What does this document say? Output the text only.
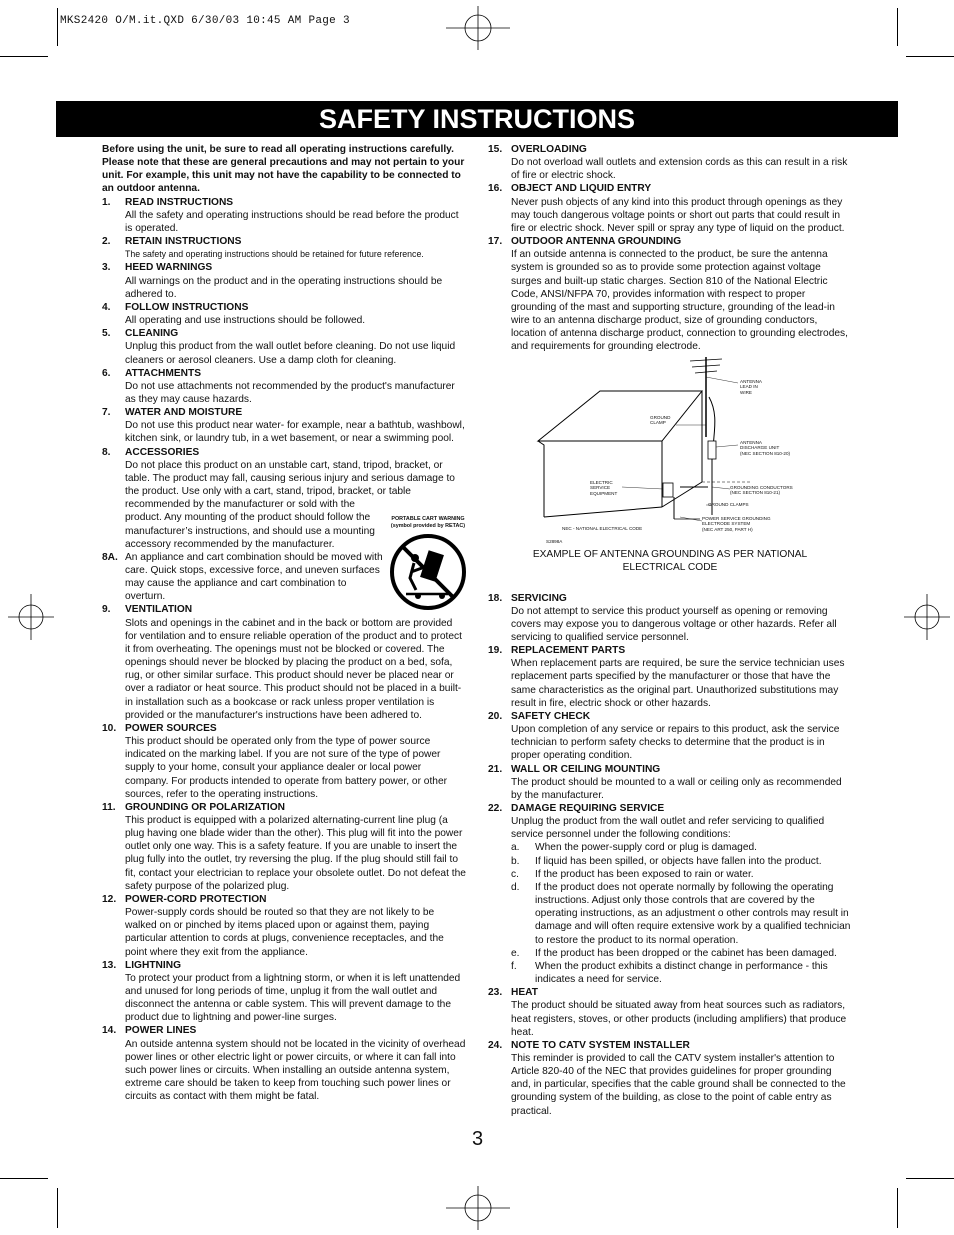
MKS2420 O/M.it.QXD 6/30/03 10:45 AM Page 3
SAFETY INSTRUCTIONS
Before using the unit, be sure to read all operating instructions carefully. Please note that these are general precautions and may not pertain to your unit. For example, this unit may not have the capability to be connected to an outdoor antenna.
1. READ INSTRUCTIONS
All the safety and operating instructions should be read before the product is operated.
2. RETAIN INSTRUCTIONS
The safety and operating instructions should be retained for future reference.
3. HEED WARNINGS
All warnings on the product and in the operating instructions should be adhered to.
4. FOLLOW INSTRUCTIONS
All operating and use instructions should be followed.
5. CLEANING
Unplug this product from the wall outlet before cleaning. Do not use liquid cleaners or aerosol cleaners. Use a damp cloth for cleaning.
6. ATTACHMENTS
Do not use attachments not recommended by the product's manufacturer as they may cause hazards.
7. WATER AND MOISTURE
Do not use this product near water- for example, near a bathtub, washbowl, kitchen sink, or laundry tub, in a wet basement, or near a swimming pool.
8. ACCESSORIES
Do not place this product on an unstable cart, stand, tripod, bracket, or table. The product may fall, causing serious injury and serious damage to the product. Use only with a cart, stand, tripod, bracket, or table
recommended by the manufacturer or sold with the product. Any mounting of the product should follow the manufacturer’s instructions, and should use a mounting accessory recommended by the manufacturer.
8A. An appliance and cart combination should be moved with care. Quick stops, excessive force, and uneven surfaces may cause the appliance and cart combination to overturn.
9. VENTILATION
Slots and openings in the cabinet and in the back or bottom are provided for ventilation and to ensure reliable operation of the product and to protect it from overheating. The openings must not be blocked or covered. The openings should never be blocked by placing the product on a bed, sofa, rug, or other similar surface. This product should never be placed near or over a radiator or heat source. This product should not be placed in a built-in installation such as a bookcase or rack unless proper ventilation is provided or the manufacturer's instructions have been adhered to.
10. POWER SOURCES
This product should be operated only from the type of power source indicated on the marking label. If you are not sure of the type of power supply to your home, consult your appliance dealer or local power company. For products intended to operate from battery power, or other sources, refer to the operating instructions.
11. GROUNDING OR POLARIZATION
This product is equipped with a polarized alternating-current line plug (a plug having one blade wider than the other). This plug will fit into the power outlet only one way. This is a safety feature. If you are unable to insert the plug fully into the outlet, try reversing the plug. If the plug should still fail to fit, contact your electrician to replace your obsolete outlet. Do not defeat the safety purpose of the polarized plug.
12. POWER-CORD PROTECTION
Power-supply cords should be routed so that they are not likely to be walked on or pinched by items placed upon or against them, paying particular attention to cords at plugs, convenience receptacles, and the point where they exit from the appliance.
13. LIGHTNING
To protect your product from a lightning storm, or when it is left unattended and unused for long periods of time, unplug it from the wall outlet and disconnect the antenna or cable system. This will prevent damage to the product due to lightning and power-line surges.
14. POWER LINES
An outside antenna system should not be located in the vicinity of overhead power lines or other electric light or power circuits, or where it can fall into such power lines or circuits. When installing an outside antenna system, extreme care should be taken to keep from touching such power lines or circuits as contact with them might be fatal.
PORTABLE CART WARNING
(symbol provided by RETAC)
15. OVERLOADING
Do not overload wall outlets and extension cords as this can result in a risk of fire or electric shock.
16. OBJECT AND LIQUID ENTRY
Never push objects of any kind into this product through openings as they may touch dangerous voltage points or short out parts that could result in fire or electric shock. Never spill or spray any type of liquid on the product.
17. OUTDOOR ANTENNA GROUNDING
If an outside antenna is connected to the product, be sure the antenna system is grounded so as to provide some protection against voltage surges and built-up static charges. Section 810 of the National Electric Code, ANSI/NFPA 70, provides information with respect to proper grounding of the mast and supporting structure, grounding of the lead-in wire to an antenna discharge product, size of grounding conductors, location of antenna discharge product, connection to grounding electrodes, and requirements for grounding electrode.
18. SERVICING
Do not attempt to service this product yourself as opening or removing covers may expose you to dangerous voltage or other hazards. Refer all servicing to qualified service personnel.
19. REPLACEMENT PARTS
When replacement parts are required, be sure the service technician uses replacement parts specified by the manufacturer or those that have the same characteristics as the original part. Unauthorized substitutions may result in fire, electric shock or other hazards.
20. SAFETY CHECK
Upon completion of any service or repairs to this product, ask the service technician to perform safety checks to determine that the product is in proper operating condition.
21. WALL OR CEILING MOUNTING
The product should be mounted to a wall or ceiling only as recommended by the manufacturer.
22. DAMAGE REQUIRING SERVICE
Unplug the product from the wall outlet and refer servicing to qualified service personnel under the following conditions:
a. When the power-supply cord or plug is damaged.
b. If liquid has been spilled, or objects have fallen into the product.
c. If the product has been exposed to rain or water.
d. If the product does not operate normally by following the operating instructions. Adjust only those controls that are covered by the operating instructions, as an adjustment o other controls may result in damage and will often require extensive work by a qualified technician to restore the product to its normal operation.
e. If the product has been dropped or the cabinet has been damaged.
f. When the product exhibits a distinct change in performance - this indicates a need for service.
23. HEAT
The product should be situated away from heat sources such as radiators, heat registers, stoves, or other products (including amplifiers) that produce heat.
24. NOTE TO CATV SYSTEM INSTALLER
This reminder is provided to call the CATV system installer's attention to Article 820-40 of the NEC that provides guidelines for proper grounding and, in particular, specifies that the cable ground shall be connected to the grounding system of the building, as close to the point of cable entry as practical.
ANTENNA
LEAD IN
WIRE
GROUND
CLAMP
ANTENNA
DISCHARGE UNIT
(NEC SECTION 810-20)
ELECTRIC
SERVICE
EQUIPMENT
GROUNDING CONDUCTORS
(NEC SECTION 810-21)
GROUND CLAMPS
POWER SERVICE GROUNDING
ELECTRODE SYSTEM
(NEC ART 250, PART H)
NEC - NATIONAL ELECTRICAL CODE
S2898A
EXAMPLE OF ANTENNA GROUNDING AS PER NATIONAL ELECTRICAL CODE
3
